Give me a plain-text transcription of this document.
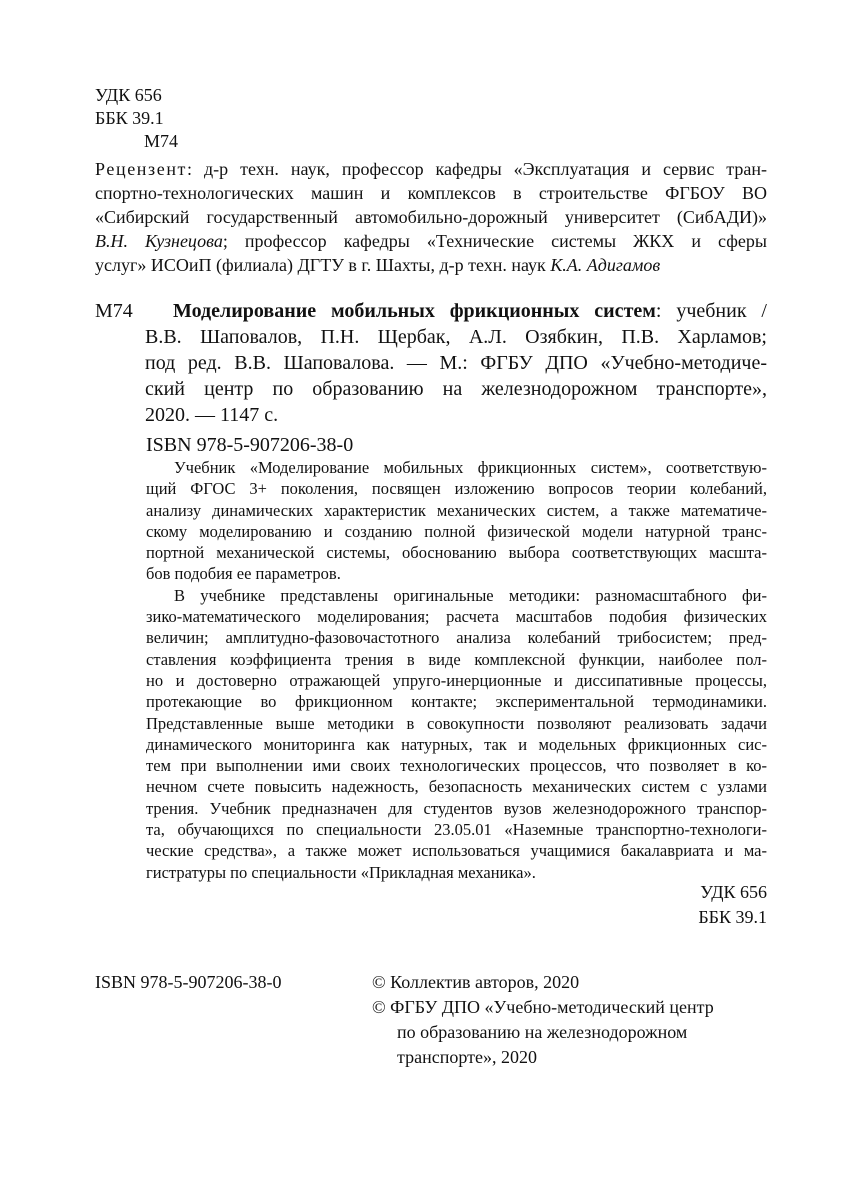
УДК 656
ББК 39.1
М74
Рецензент: д-р техн. наук, профессор кафедры «Эксплуатация и сервис тран-
спортно-технологических машин и комплексов в строительстве ФГБОУ ВО
«Сибирский государственный автомобильно-дорожный университет (СибАДИ)»
В.Н. Кузнецова; профессор кафедры «Технические системы ЖКХ и сферы
услуг» ИСОиП (филиала) ДГТУ в г. Шахты, д-р техн. наук К.А. Адигамов
М74	Моделирование мобильных фрикционных систем: учебник /
В.В. Шаповалов, П.Н. Щербак, А.Л. Озябкин, П.В. Харламов;
под ред. В.В. Шаповалова. — М.: ФГБУ ДПО «Учебно-методиче-
ский центр по образованию на железнодорожном транспорте»,
2020. — 1147 с.
ISBN 978-5-907206-38-0
Учебник «Моделирование мобильных фрикционных систем», соответствую-
щий ФГОС 3+ поколения, посвящен изложению вопросов теории колебаний,
анализу динамических характеристик механических систем, а также математиче-
скому моделированию и созданию полной физической модели натурной транс-
портной механической системы, обоснованию выбора соответствующих масшта-
бов подобия ее параметров.
В учебнике представлены оригинальные методики: разномасштабного фи-
зико-математического моделирования; расчета масштабов подобия физических
величин; амплитудно-фазовочастотного анализа колебаний трибосистем; пред-
ставления коэффициента трения в виде комплексной функции, наиболее пол-
но и достоверно отражающей упруго-инерционные и диссипативные процессы,
протекающие во фрикционном контакте; экспериментальной термодинамики.
Представленные выше методики в совокупности позволяют реализовать задачи
динамического мониторинга как натурных, так и модельных фрикционных сис-
тем при выполнении ими своих технологических процессов, что позволяет в ко-
нечном счете повысить надежность, безопасность механических систем с узлами
трения. Учебник предназначен для студентов вузов железнодорожного транспор-
та, обучающихся по специальности 23.05.01 «Наземные транспортно-технологи-
ческие средства», а также может использоваться учащимися бакалавриата и ма-
гистратуры по специальности «Прикладная механика».
УДК 656
ББК 39.1
ISBN 978-5-907206-38-0	© Коллектив авторов, 2020
© ФГБУ ДПО «Учебно-методический центр
по образованию на железнодорожном
транспорте», 2020
